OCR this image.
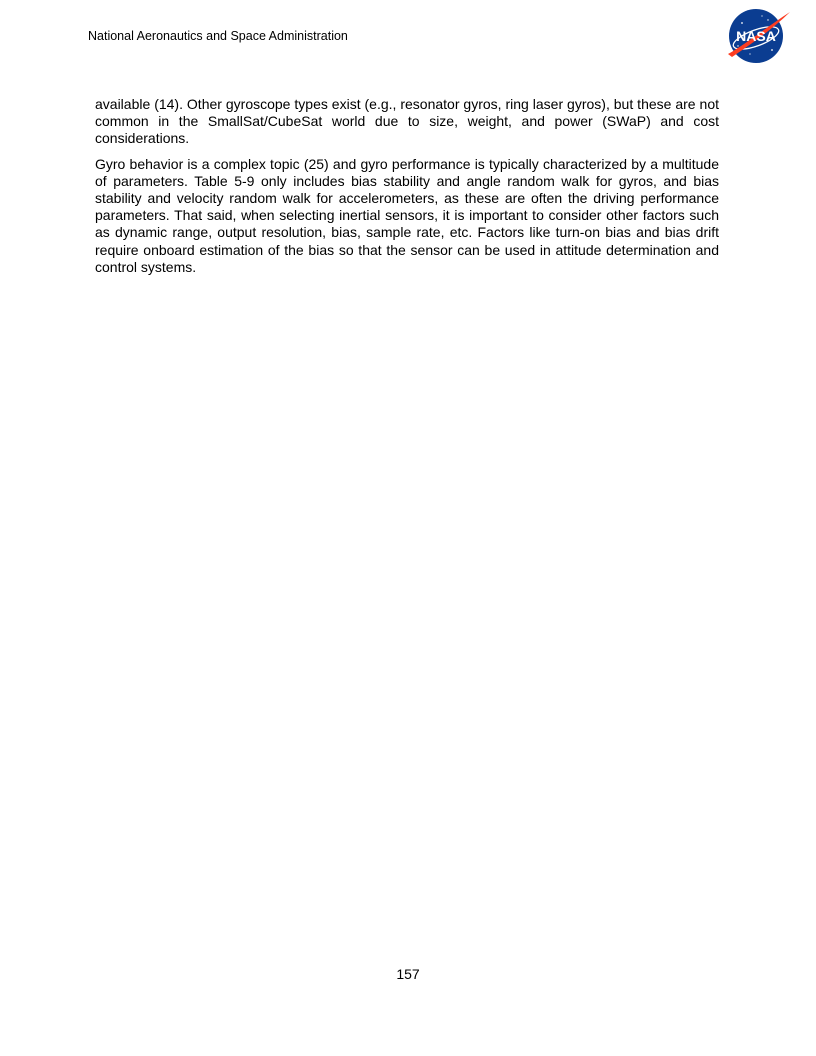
National Aeronautics and Space Administration	NASA

available (14). Other gyroscope types exist (e.g., resonator gyros, ring laser gyros), but these are not common in the SmallSat/CubeSat world due to size, weight, and power (SWaP) and cost considerations.

Gyro behavior is a complex topic (25) and gyro performance is typically characterized by a multitude of parameters. Table 5-9 only includes bias stability and angle random walk for gyros, and bias stability and velocity random walk for accelerometers, as these are often the driving performance parameters. That said, when selecting inertial sensors, it is important to consider other factors such as dynamic range, output resolution, bias, sample rate, etc. Factors like turn-on bias and bias drift require onboard estimation of the bias so that the sensor can be used in attitude determination and control systems.

157
